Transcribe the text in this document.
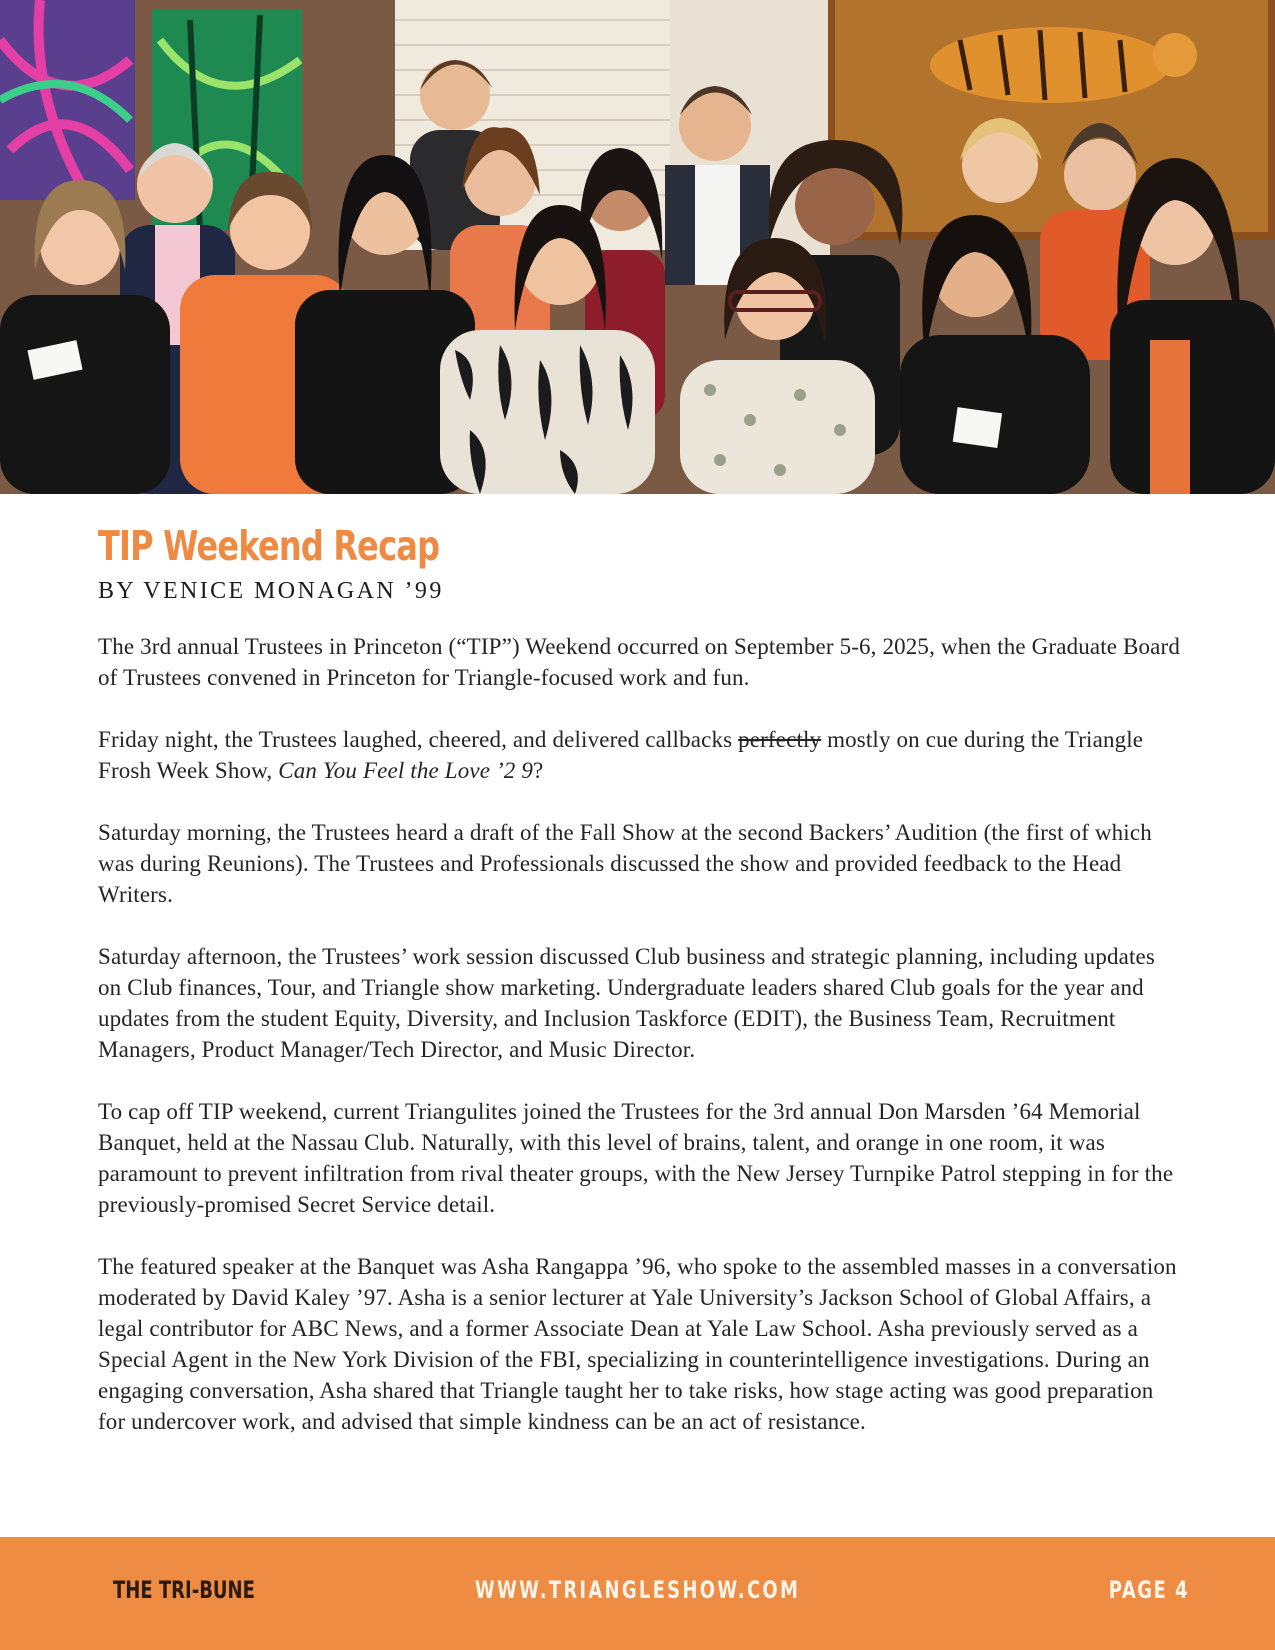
TIP Weekend Recap

BY VENICE MONAGAN ’99

The 3rd annual Trustees in Princeton (“TIP”) Weekend occurred on September 5-6, 2025, when the Graduate Board of Trustees convened in Princeton for Triangle-focused work and fun.

Friday night, the Trustees laughed, cheered, and delivered callbacks perfectly mostly on cue during the Triangle Frosh Week Show, Can You Feel the Love ’2 9?

Saturday morning, the Trustees heard a draft of the Fall Show at the second Backers’ Audition (the first of which was during Reunions). The Trustees and Professionals discussed the show and provided feedback to the Head Writers.

Saturday afternoon, the Trustees’ work session discussed Club business and strategic planning, including updates on Club finances, Tour, and Triangle show marketing. Undergraduate leaders shared Club goals for the year and updates from the student Equity, Diversity, and Inclusion Taskforce (EDIT), the Business Team, Recruitment Managers, Product Manager/Tech Director, and Music Director.

To cap off TIP weekend, current Triangulites joined the Trustees for the 3rd annual Don Marsden ’64 Memorial Banquet, held at the Nassau Club. Naturally, with this level of brains, talent, and orange in one room, it was paramount to prevent infiltration from rival theater groups, with the New Jersey Turnpike Patrol stepping in for the previously-promised Secret Service detail.

The featured speaker at the Banquet was Asha Rangappa ’96, who spoke to the assembled masses in a conversation moderated by David Kaley ’97. Asha is a senior lecturer at Yale University’s Jackson School of Global Affairs, a legal contributor for ABC News, and a former Associate Dean at Yale Law School. Asha previously served as a Special Agent in the New York Division of the FBI, specializing in counterintelligence investigations. During an engaging conversation, Asha shared that Triangle taught her to take risks, how stage acting was good preparation for undercover work, and advised that simple kindness can be an act of resistance.

THE TRI-BUNE	WWW.TRIANGLESHOW.COM	PAGE 4
